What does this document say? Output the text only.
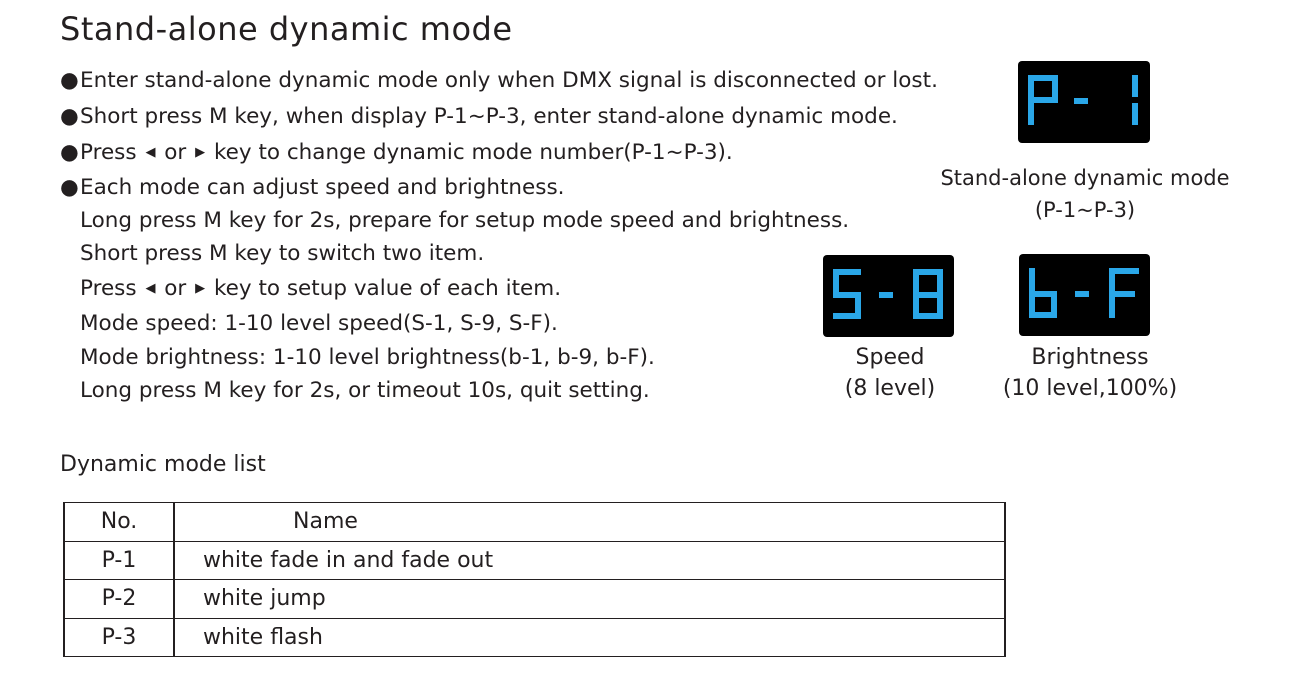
Stand-alone dynamic mode
●Enter stand-alone dynamic mode only when DMX signal is disconnected or lost.
●Short press M key, when display P-1~P-3, enter stand-alone dynamic mode.
●Press ◀ or ▶ key to change dynamic mode number(P-1~P-3).
●Each mode can adjust speed and brightness.
Long press M key for 2s, prepare for setup mode speed and brightness.
Short press M key to switch two item.
Press ◀ or ▶ key to setup value of each item.
Mode speed: 1-10 level speed(S-1, S-9, S-F).
Mode brightness: 1-10 level brightness(b-1, b-9, b-F).
Long press M key for 2s, or timeout 10s, quit setting.
Stand-alone dynamic mode
(P-1~P-3)
Speed
(8 level)
Brightness
(10 level,100%)
Dynamic mode list
No.	Name
P-1	white fade in and fade out
P-2	white jump
P-3	white flash
